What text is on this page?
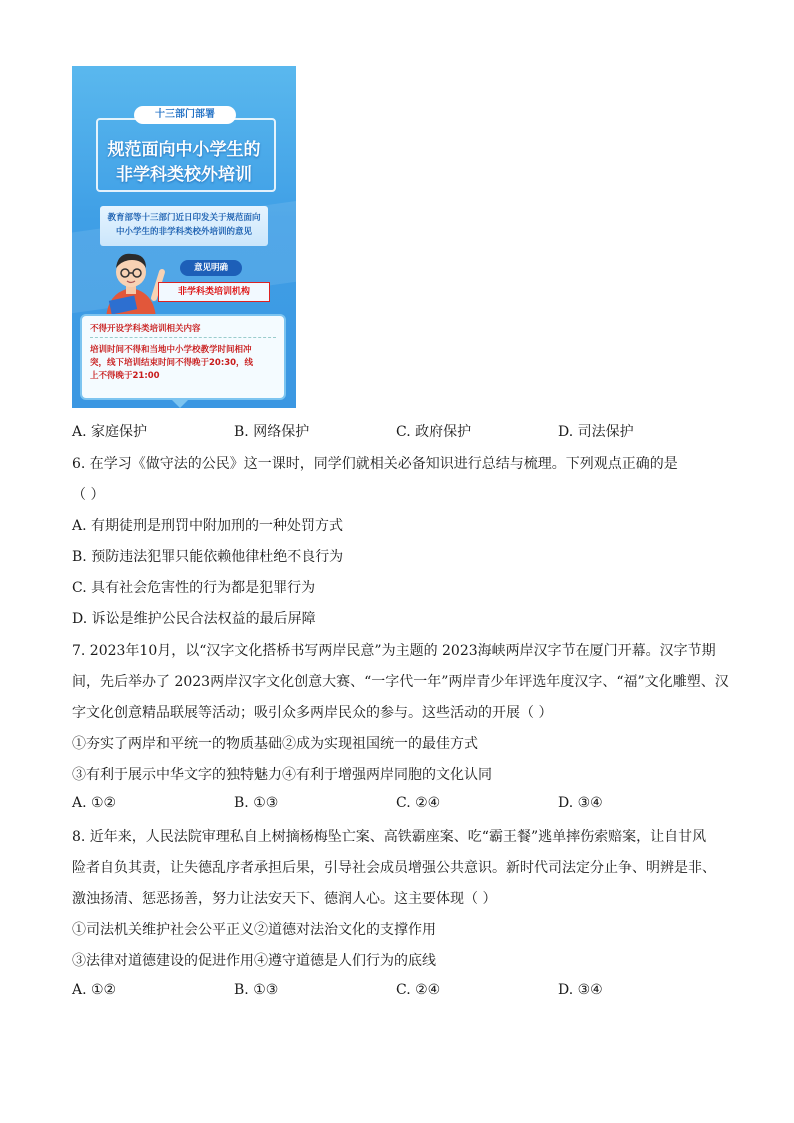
十三部门部署
规范面向中小学生的
非学科类校外培训
教育部等十三部门近日印发关于规范面向
中小学生的非学科类校外培训的意见
意见明确
非学科类培训机构
不得开设学科类培训相关内容
培训时间不得和当地中小学校教学时间相冲
突，线下培训结束时间不得晚于20:30，线
上不得晚于21:00
A. 家庭保护	B. 网络保护	C. 政府保护	D. 司法保护
6. 在学习《做守法的公民》这一课时，同学们就相关必备知识进行总结与梳理。下列观点正确的是
（ ）
A. 有期徒刑是刑罚中附加刑的一种处罚方式
B. 预防违法犯罪只能依赖他律杜绝不良行为
C. 具有社会危害性的行为都是犯罪行为
D. 诉讼是维护公民合法权益的最后屏障
7. 2023年10月，以“汉字文化搭桥书写两岸民意”为主题的 2023海峡两岸汉字节在厦门开幕。汉字节期
间，先后举办了 2023两岸汉字文化创意大赛、“一字代一年”两岸青少年评选年度汉字、“福”文化雕塑、汉
字文化创意精品联展等活动；吸引众多两岸民众的参与。这些活动的开展（ ）
①夯实了两岸和平统一的物质基础②成为实现祖国统一的最佳方式
③有利于展示中华文字的独特魅力④有利于增强两岸同胞的文化认同
A. ①②	B. ①③	C. ②④	D. ③④
8. 近年来，人民法院审理私自上树摘杨梅坠亡案、高铁霸座案、吃“霸王餐”逃单摔伤索赔案，让自甘风
险者自负其责，让失德乱序者承担后果，引导社会成员增强公共意识。新时代司法定分止争、明辨是非、
激浊扬清、惩恶扬善，努力让法安天下、德润人心。这主要体现（ ）
①司法机关维护社会公平正义②道德对法治文化的支撑作用
③法律对道德建设的促进作用④遵守道德是人们行为的底线
A. ①②	B. ①③	C. ②④	D. ③④
